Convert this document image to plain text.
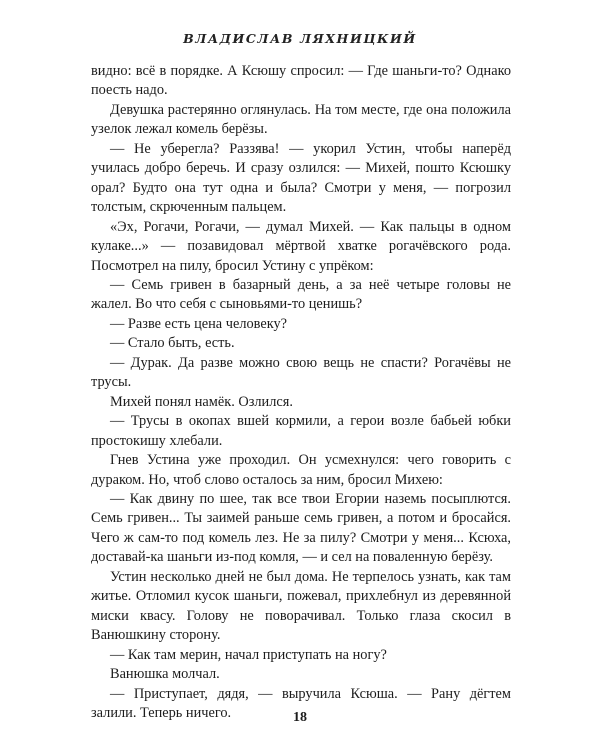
ВЛАДИСЛАВ ЛЯХНИЦКИЙ

видно: всё в порядке. А Ксюшу спросил: — Где шаньги-то? Однако поесть надо.

Девушка растерянно оглянулась. На том месте, где она положила узелок лежал комель берёзы.

— Не уберегла? Раззява! — укорил Устин, чтобы наперёд училась добро беречь. И сразу озлился: — Михей, пошто Ксюшку орал? Будто она тут одна и была? Смотри у меня, — погрозил толстым, скрюченным пальцем.

«Эх, Рогачи, Рогачи, — думал Михей. — Как пальцы в одном кулаке...» — позавидовал мёртвой хватке рогачёвского рода. Посмотрел на пилу, бросил Устину с упрёком:

— Семь гривен в базарный день, а за неё четыре головы не жалел. Во что себя с сыновьями-то ценишь?

— Разве есть цена человеку?

— Стало быть, есть.

— Дурак. Да разве можно свою вещь не спасти? Рогачёвы не трусы.

Михей понял намёк. Озлился.

— Трусы в окопах вшей кормили, а герои возле бабьей юбки простокишу хлебали.

Гнев Устина уже проходил. Он усмехнулся: чего говорить с дураком. Но, чтоб слово осталось за ним, бросил Михею:

— Как двину по шее, так все твои Егории наземь посыплются. Семь гривен... Ты заимей раньше семь гривен, а потом и бросайся. Чего ж сам-то под комель лез. Не за пилу? Смотри у меня... Ксюха, доставай-ка шаньги из-под комля, — и сел на поваленную берёзу.

Устин несколько дней не был дома. Не терпелось узнать, как там житье. Отломил кусок шаньги, пожевал, прихлебнул из деревянной миски квасу. Голову не поворачивал. Только глаза скосил в Ванюшкину сторону.

— Как там мерин, начал приступать на ногу?

Ванюшка молчал.

— Приступает, дядя, — выручила Ксюша. — Рану дёгтем залили. Теперь ничего.	18
